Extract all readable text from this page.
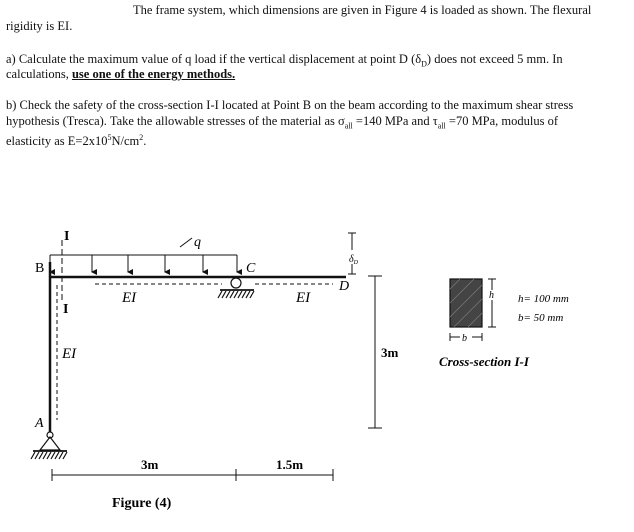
The frame system, which dimensions are given in Figure 4 is loaded as shown. The flexural
rigidity is EI.
a) Calculate the maximum value of q load if the vertical displacement at point D $(\delta_D)$ does not exceed 5 mm. In
calculations, use one of the energy methods.
b) Check the safety of the cross-section I-I located at Point B on the beam according to the maximum shear stress
hypothesis (Tresca). Take the allowable stresses of the material as $\sigma_{all} =140$ MPa and $\tau_{all} =70$ MPa, modulus of
elasticity as $E=2x10^5N/cm^2$.
q
I
I
B
A
C
D
EI	EI
EI
$\delta_D$
3m
3m	1.5m
Figure (4)
h
b
h= 100 mm
b= 50 mm
Cross-section I-I
